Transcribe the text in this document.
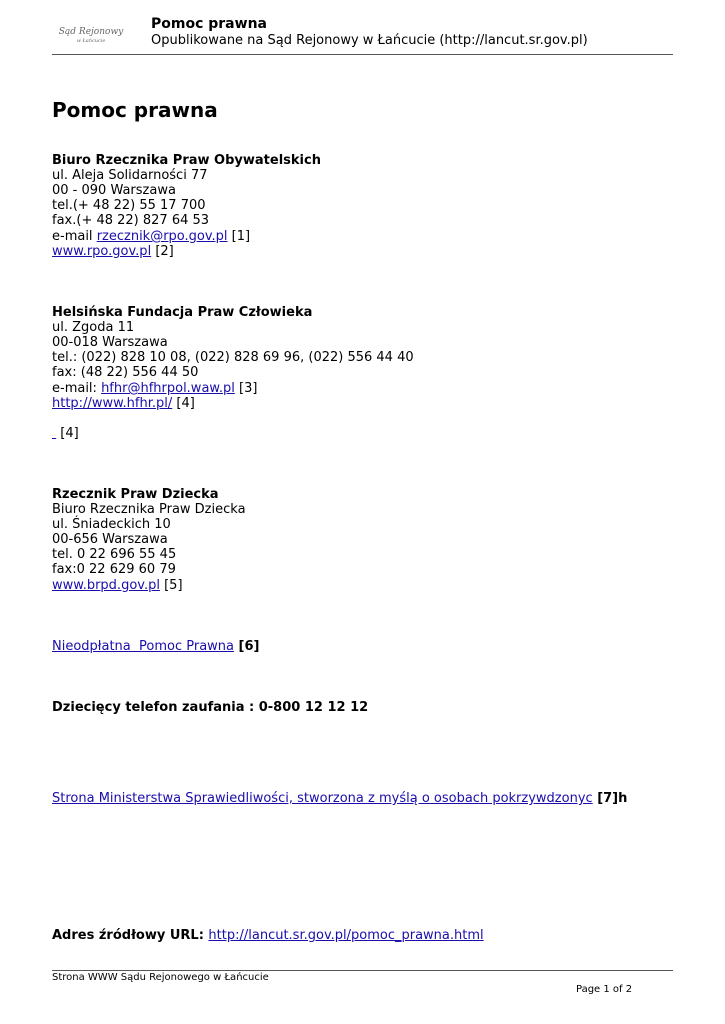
Sąd Rejonowy
w Łańcucie
Pomoc prawna
Opublikowane na Sąd Rejonowy w Łańcucie (http://lancut.sr.gov.pl)
Pomoc prawna
Biuro Rzecznika Praw Obywatelskich
ul. Aleja Solidarności 77
00 - 090 Warszawa
tel.(+ 48 22) 55 17 700
fax.(+ 48 22) 827 64 53
e-mail rzecznik@rpo.gov.pl [1]
www.rpo.gov.pl [2]
Helsińska Fundacja Praw Człowieka
ul. Zgoda 11
00-018 Warszawa
tel.: (022) 828 10 08, (022) 828 69 96, (022) 556 44 40
fax: (48 22) 556 44 50
e-mail: hfhr@hfhrpol.waw.pl [3]
http://www.hfhr.pl/ [4]
[4]
Rzecznik Praw Dziecka
Biuro Rzecznika Praw Dziecka
ul. Śniadeckich 10
00-656 Warszawa
tel. 0 22 696 55 45
fax:0 22 629 60 79
www.brpd.gov.pl [5]
Nieodpłatna  Pomoc Prawna [6]
Dziecięcy telefon zaufania : 0-800 12 12 12
Strona Ministerstwa Sprawiedliwości, stworzona z myślą o osobach pokrzywdzonyc [7]h
Adres źródłowy URL: http://lancut.sr.gov.pl/pomoc_prawna.html
Strona WWW Sądu Rejonowego w Łańcucie
Page 1 of 2
